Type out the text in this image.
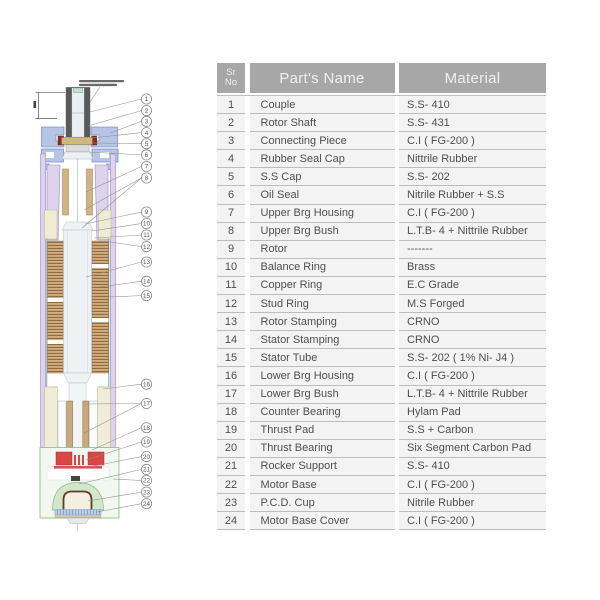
1
2
3
4
5
6
7
8
9
10
11
12
13
14
15
16
17
18
19
20
21
22
23
24
Sr
No	Part's Name	Material
1	Couple	S.S- 410
2	Rotor Shaft	S.S- 431
3	Connecting Piece	C.I ( FG-200 )
4	Rubber Seal Cap	Nittrile Rubber
5	S.S Cap	S.S- 202
6	Oil Seal	Nitrile Rubber + S.S
7	Upper Brg Housing	C.I ( FG-200 )
8	Upper Brg Bush	L.T.B- 4 + Nittrile Rubber
9	Rotor	-------
10	Balance Ring	Brass
11	Copper Ring	E.C Grade
12	Stud Ring	M.S Forged
13	Rotor Stamping	CRNO
14	Stator Stamping	CRNO
15	Stator Tube	S.S- 202 ( 1% Ni- J4 )
16	Lower Brg Housing	C.I ( FG-200 )
17	Lower Brg Bush	L.T.B- 4 + Nittrile Rubber
18	Counter Bearing	Hylam Pad
19	Thrust Pad	S.S + Carbon
20	Thrust Bearing	Six Segment Carbon Pad
21	Rocker Support	S.S- 410
22	Motor Base	C.I ( FG-200 )
23	P.C.D. Cup	Nitrile Rubber
24	Motor Base Cover	C.I ( FG-200 )
